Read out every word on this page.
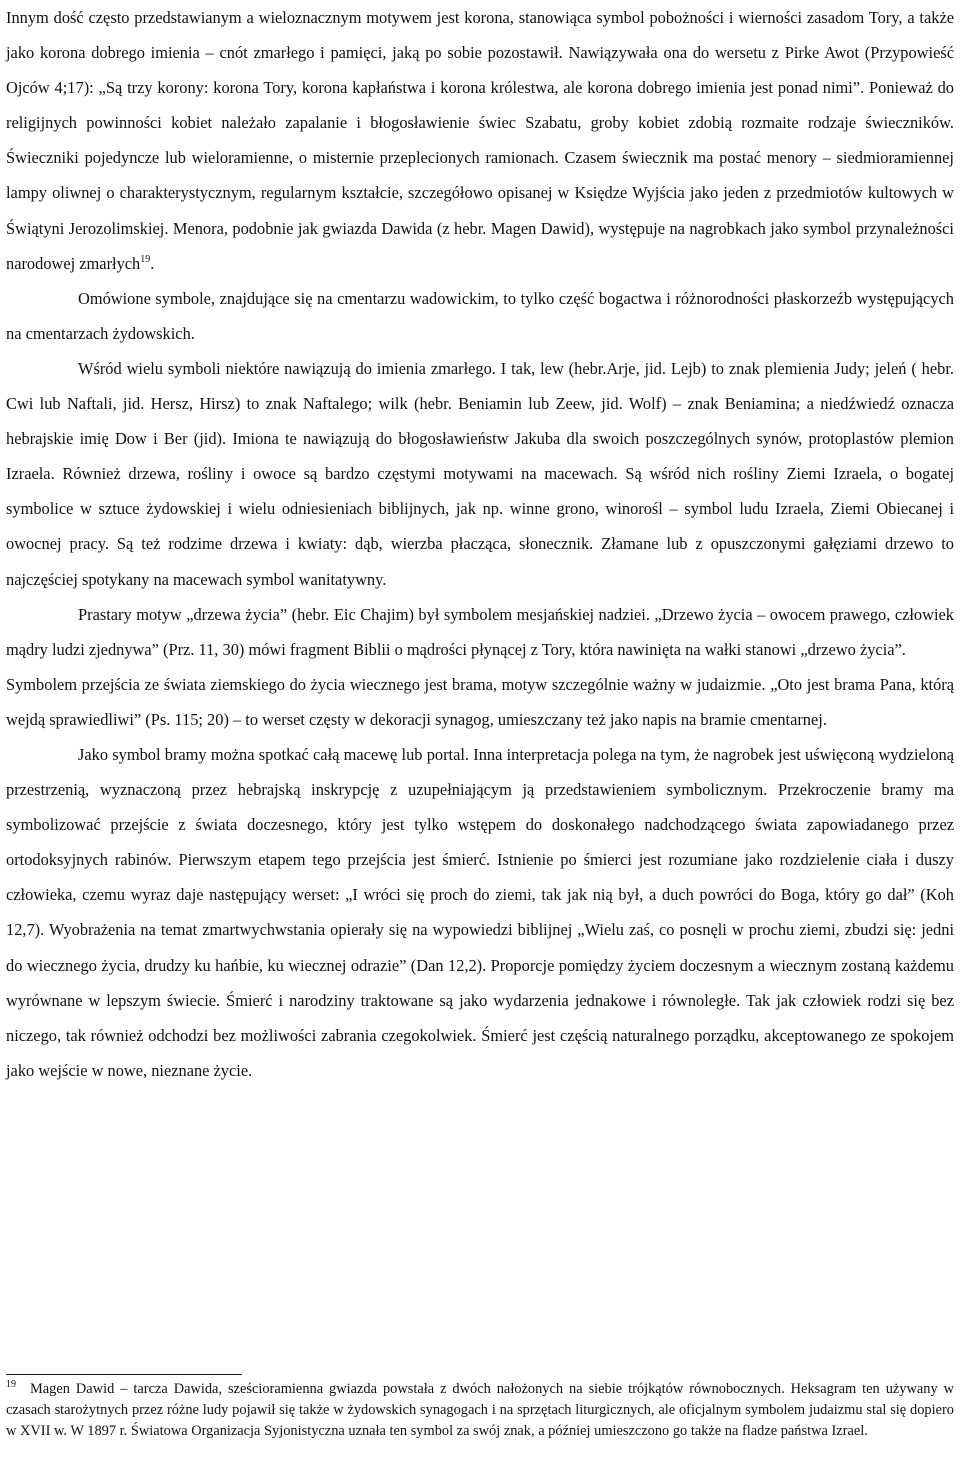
Innym dość często przedstawianym a wieloznacznym motywem jest korona, stanowiąca symbol pobożności i wierności zasadom Tory, a także jako korona dobrego imienia – cnót zmarłego i pamięci, jaką po sobie pozostawił. Nawiązywała ona do wersetu z Pirke Awot (Przypowieść Ojców 4;17): „Są trzy korony: korona Tory, korona kapłaństwa i korona królestwa, ale korona dobrego imienia jest ponad nimi”. Ponieważ do religijnych powinności kobiet należało zapalanie i błogosławienie świec Szabatu, groby kobiet zdobią rozmaite rodzaje świeczników. Świeczniki pojedyncze lub wieloramienne, o misternie przeplecionych ramionach. Czasem świecznik ma postać menory – siedmioramiennej lampy oliwnej o charakterystycznym, regularnym kształcie, szczegółowo opisanej w Księdze Wyjścia jako jeden z przedmiotów kultowych w Świątyni Jerozolimskiej. Menora, podobnie jak gwiazda Dawida (z hebr. Magen Dawid), występuje na nagrobkach jako symbol przynależności narodowej zmarłych$^{19}$.

Omówione symbole, znajdujące się na cmentarzu wadowickim, to tylko część bogactwa i różnorodności płaskorzeźb występujących na cmentarzach żydowskich.

Wśród wielu symboli niektóre nawiązują do imienia zmarłego. I tak, lew (hebr.Arje, jid. Lejb) to znak plemienia Judy; jeleń ( hebr. Cwi lub Naftali, jid. Hersz, Hirsz) to znak Naftalego; wilk (hebr. Beniamin lub Zeew, jid. Wolf) – znak Beniamina; a niedźwiedź oznacza hebrajskie imię Dow i Ber (jid). Imiona te nawiązują do błogosławieństw Jakuba dla swoich poszczególnych synów, protoplastów plemion Izraela. Również drzewa, rośliny i owoce są bardzo częstymi motywami na macewach. Są wśród nich rośliny Ziemi Izraela, o bogatej symbolice w sztuce żydowskiej i wielu odniesieniach biblijnych, jak np. winne grono, winorośl – symbol ludu Izraela, Ziemi Obiecanej i owocnej pracy. Są też rodzime drzewa i kwiaty: dąb, wierzba płacząca, słonecznik. Złamane lub z opuszczonymi gałęziami drzewo to najczęściej spotykany na macewach symbol wanitatywny.

Prastary motyw „drzewa życia” (hebr. Eic Chajim) był symbolem mesjańskiej nadziei. „Drzewo życia – owocem prawego, człowiek mądry ludzi zjednywa” (Prz. 11, 30) mówi fragment Biblii o mądrości płynącej z Tory, która nawinięta na wałki stanowi „drzewo życia”.

Symbolem przejścia ze świata ziemskiego do życia wiecznego jest brama, motyw szczególnie ważny w judaizmie. „Oto jest brama Pana, którą wejdą sprawiedliwi” (Ps. 115; 20) – to werset częsty w dekoracji synagog, umieszczany też jako napis na bramie cmentarnej.

Jako symbol bramy można spotkać całą macewę lub portal. Inna interpretacja polega na tym, że nagrobek jest uświęconą wydzieloną przestrzenią, wyznaczoną przez hebrajską inskrypcję z uzupełniającym ją przedstawieniem symbolicznym. Przekroczenie bramy ma symbolizować przejście z świata doczesnego, który jest tylko wstępem do doskonałego nadchodzącego świata zapowiadanego przez ortodoksyjnych rabinów. Pierwszym etapem tego przejścia jest śmierć. Istnienie po śmierci jest rozumiane jako rozdzielenie ciała i duszy człowieka, czemu wyraz daje następujący werset: „I wróci się proch do ziemi, tak jak nią był, a duch powróci do Boga, który go dał” (Koh 12,7). Wyobrażenia na temat zmartwychwstania opierały się na wypowiedzi biblijnej „Wielu zaś, co posnęli w prochu ziemi, zbudzi się: jedni do wiecznego życia, drudzy ku hańbie, ku wiecznej odrazie” (Dan 12,2). Proporcje pomiędzy życiem doczesnym a wiecznym zostaną każdemu wyrównane w lepszym świecie. Śmierć i narodziny traktowane są jako wydarzenia jednakowe i równoległe. Tak jak człowiek rodzi się bez niczego, tak również odchodzi bez możliwości zabrania czegokolwiek. Śmierć jest częścią naturalnego porządku, akceptowanego ze spokojem jako wejście w nowe, nieznane życie.

$^{19}$ Magen Dawid – tarcza Dawida, sześcioramienna gwiazda powstała z dwóch nałożonych na siebie trójkątów równobocznych. Heksagram ten używany w czasach starożytnych przez różne ludy pojawił się także w żydowskich synagogach i na sprzętach liturgicznych, ale oficjalnym symbolem judaizmu stal się dopiero w XVII w. W 1897 r. Światowa Organizacja Syjonistyczna uznała ten symbol za swój znak, a później umieszczono go także na fladze państwa Izrael.
